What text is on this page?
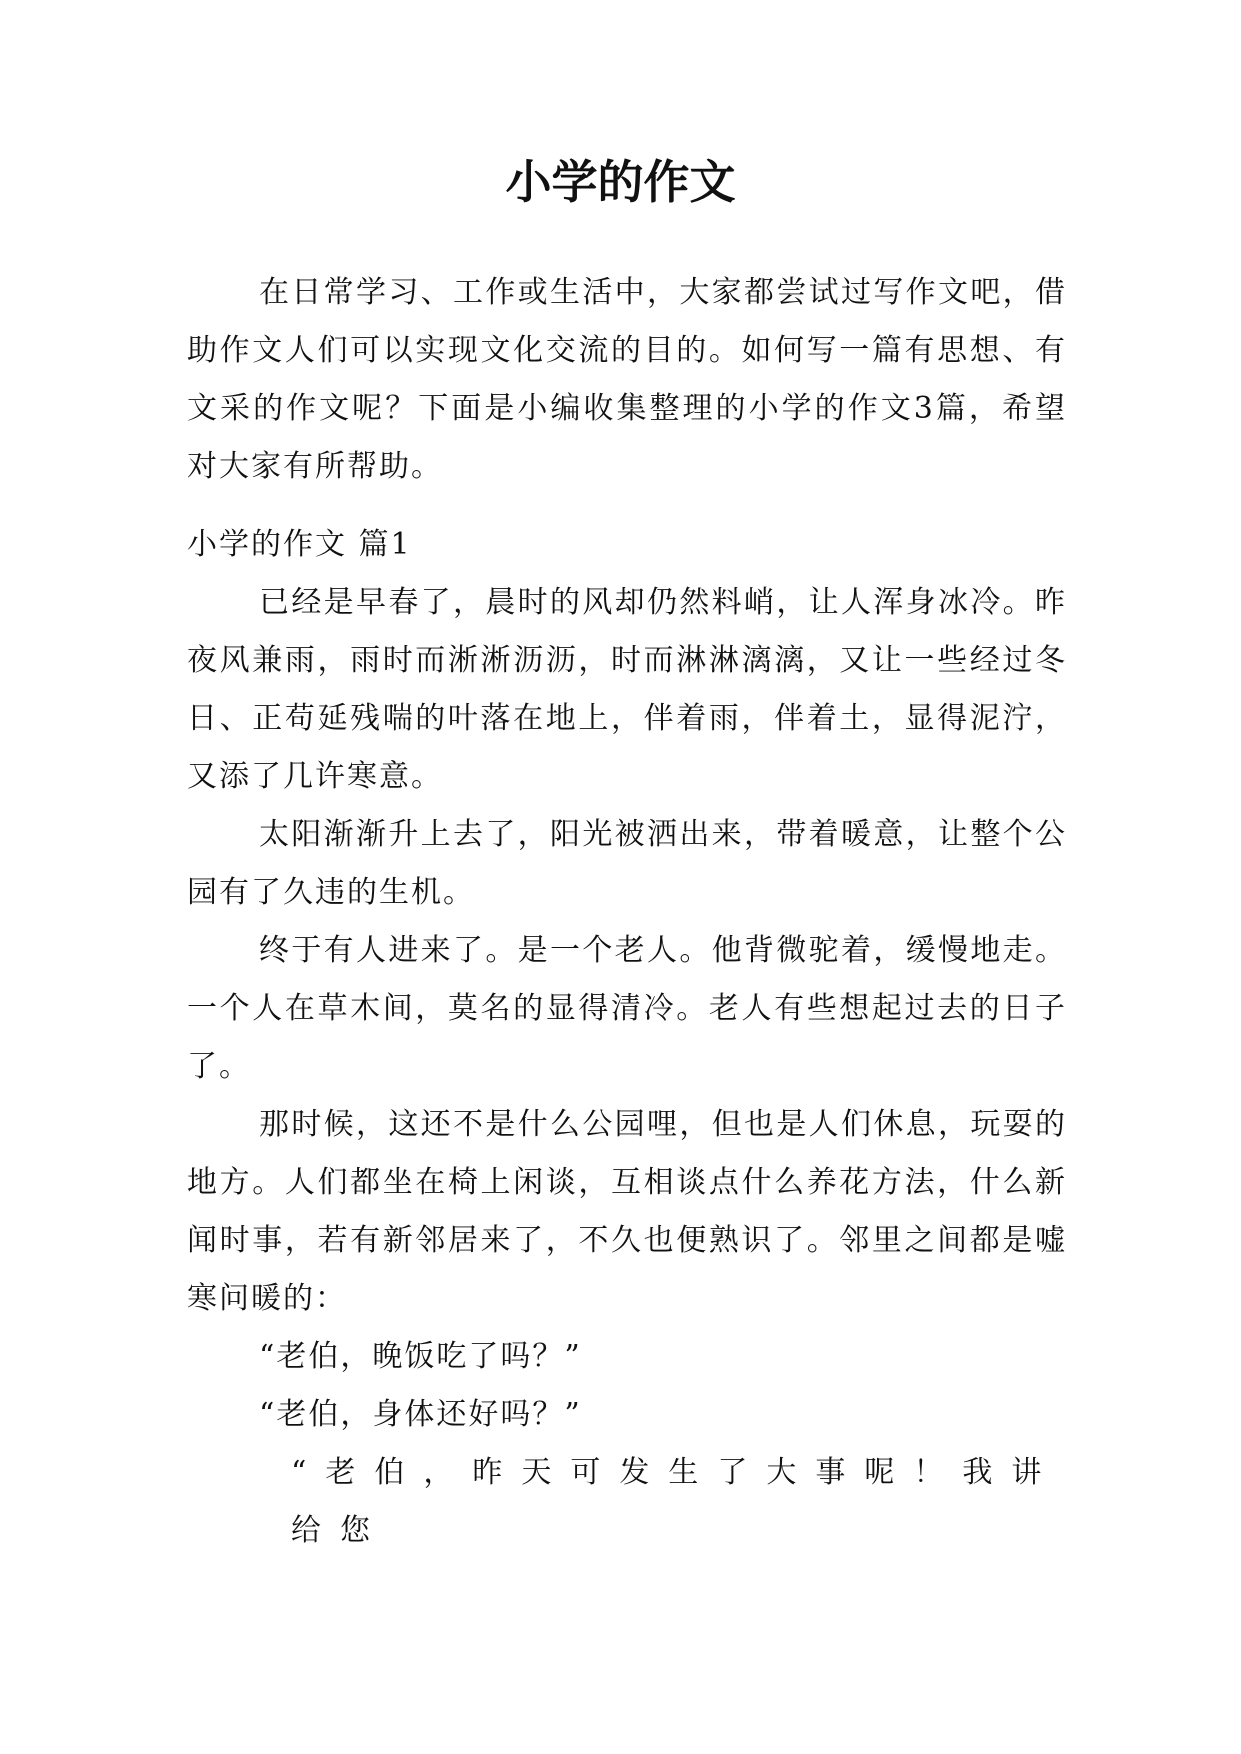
小学的作文

在日常学习、工作或生活中，大家都尝试过写作文吧，借助作文人们可以实现文化交流的目的。如何写一篇有思想、有文采的作文呢？下面是小编收集整理的小学的作文3篇，希望对大家有所帮助。

小学的作文 篇1

已经是早春了，晨时的风却仍然料峭，让人浑身冰冷。昨夜风兼雨，雨时而淅淅沥沥，时而淋淋漓漓，又让一些经过冬日、正苟延残喘的叶落在地上，伴着雨，伴着土，显得泥泞，又添了几许寒意。

太阳渐渐升上去了，阳光被洒出来，带着暖意，让整个公园有了久违的生机。

终于有人进来了。是一个老人。他背微驼着，缓慢地走。一个人在草木间，莫名的显得清冷。老人有些想起过去的日子了。

那时候，这还不是什么公园哩，但也是人们休息，玩耍的地方。人们都坐在椅上闲谈，互相谈点什么养花方法，什么新闻时事，若有新邻居来了，不久也便熟识了。邻里之间都是嘘寒问暖的：

“老伯，晚饭吃了吗？”

“老伯，身体还好吗？”

“老伯，昨天可发生了大事呢！我讲给您
